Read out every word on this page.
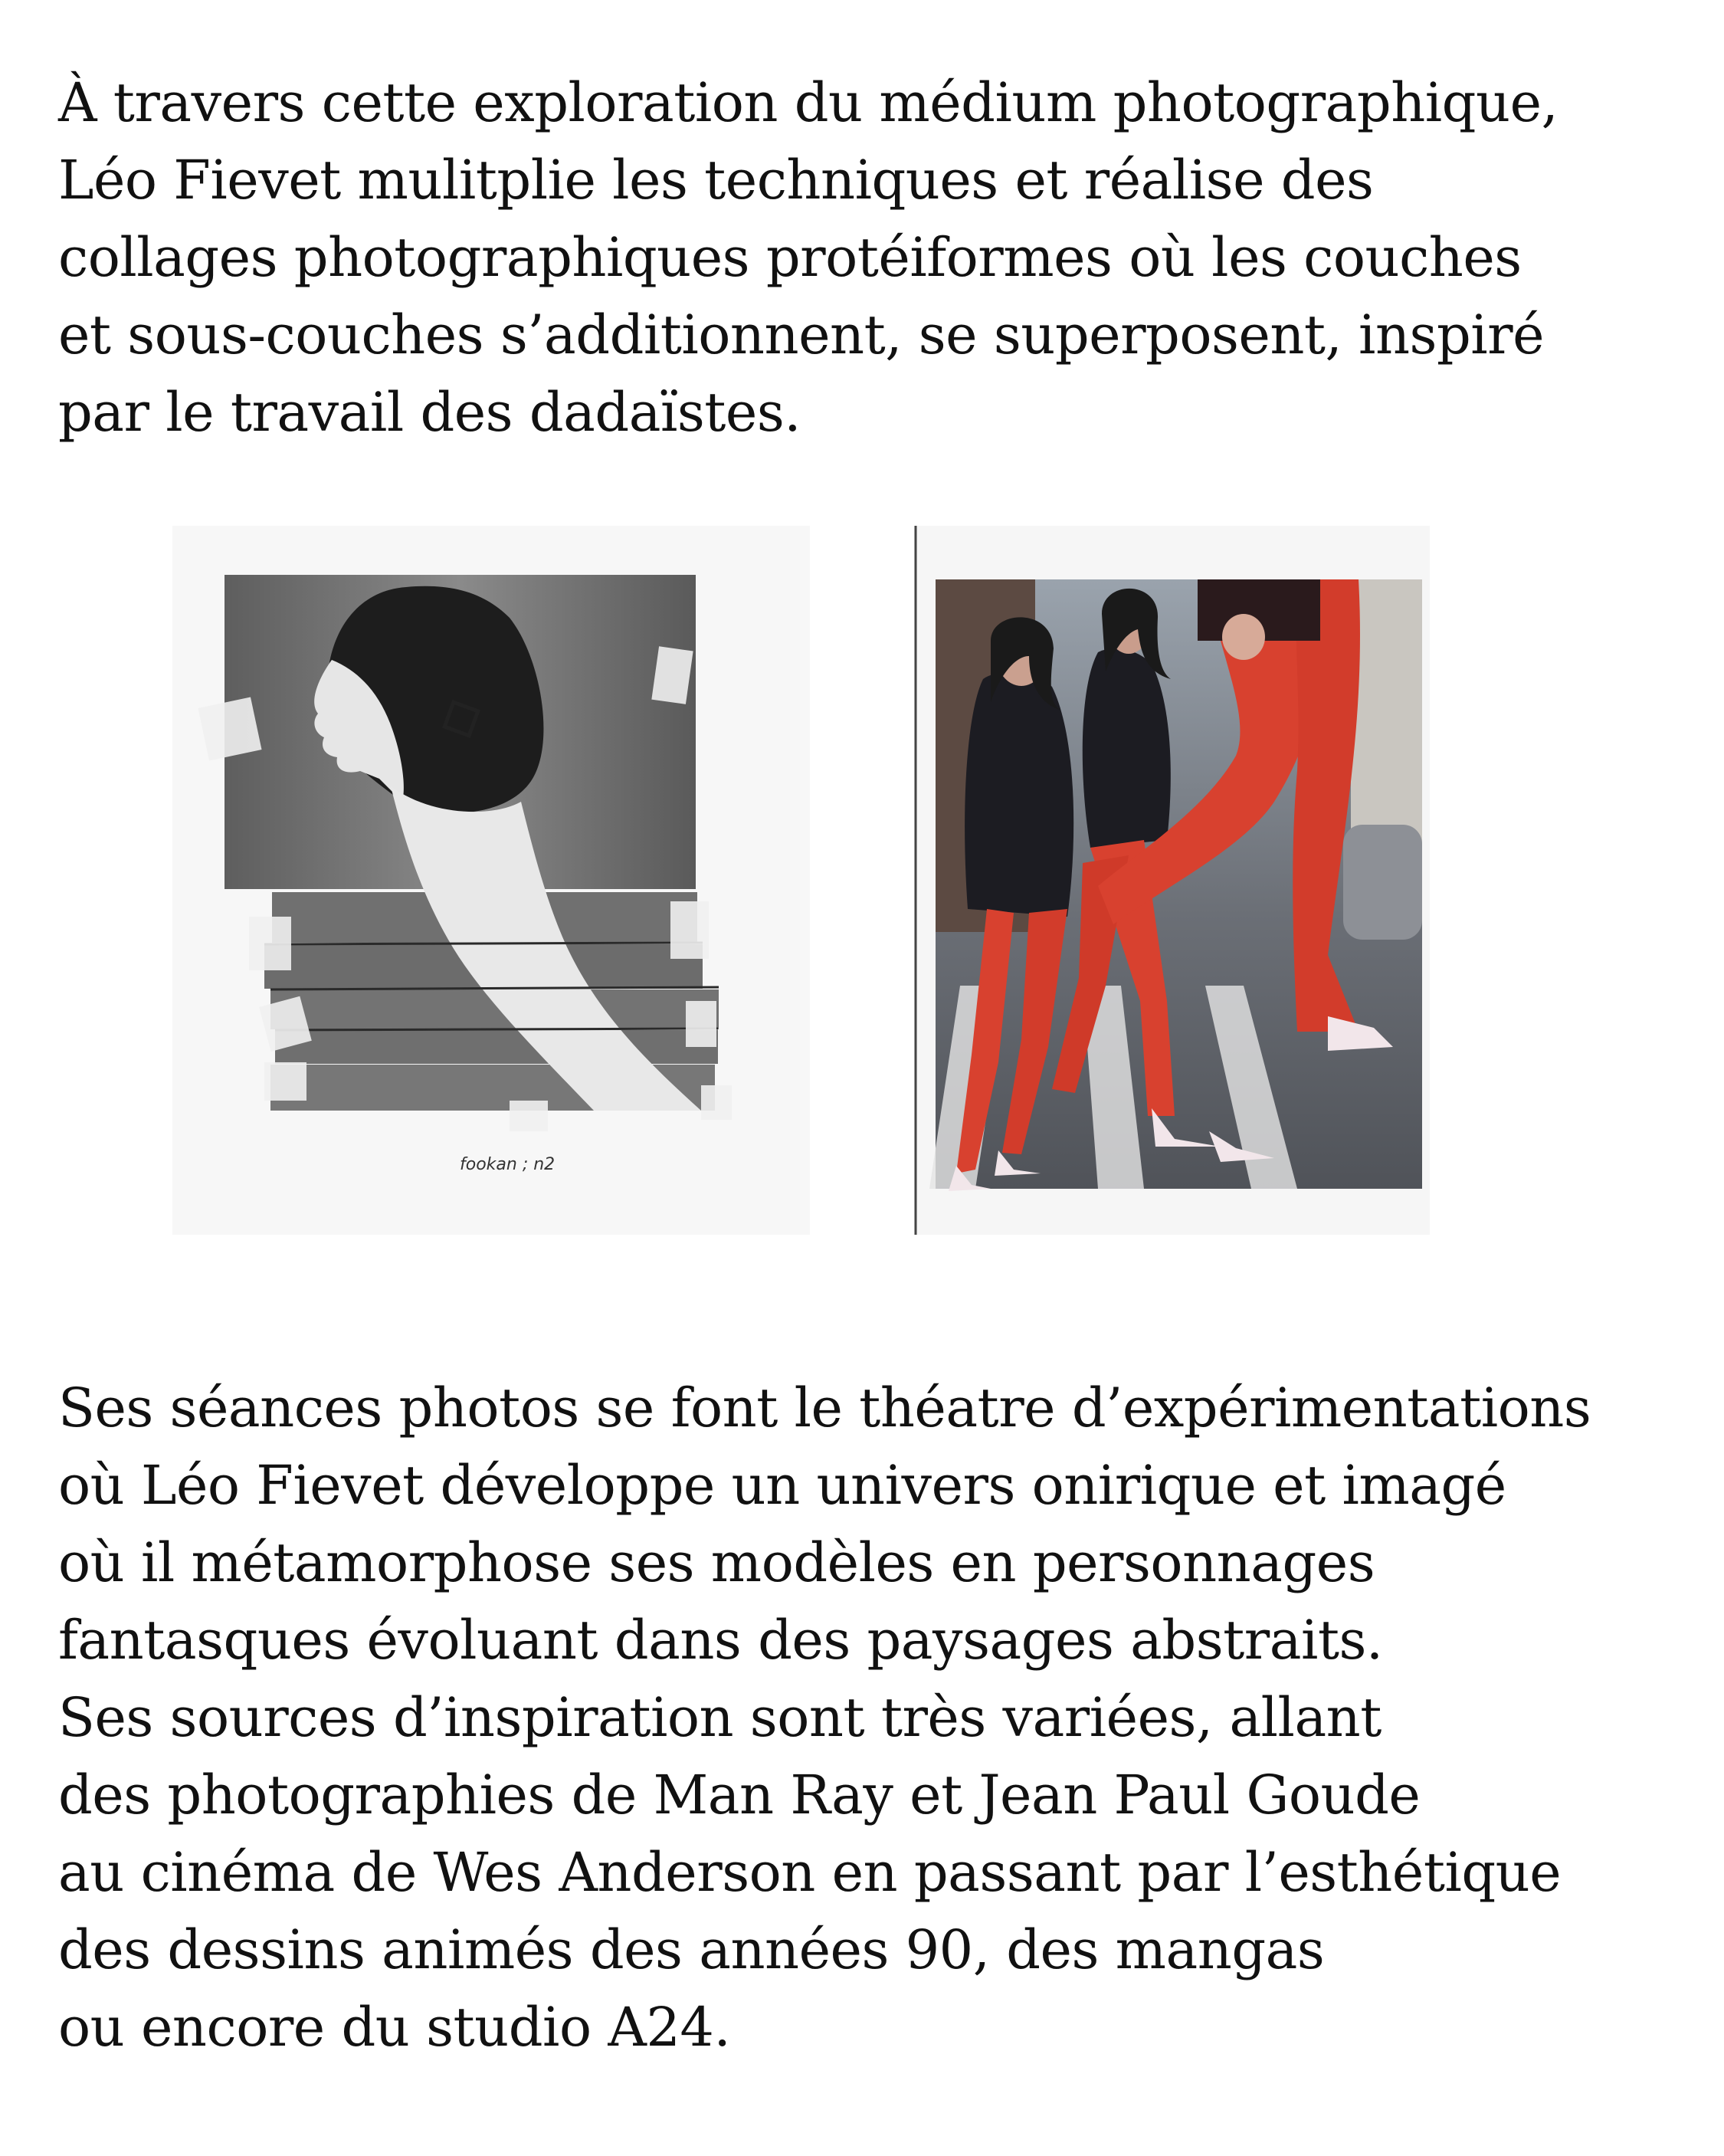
À travers cette exploration du médium photographique,
Léo Fievet mulitplie les techniques et réalise des
collages photographiques protéiformes où les couches
et sous-couches s’additionnent, se superposent, inspiré
par le travail des dadaïstes.
fookan ; n2
Ses séances photos se font le théatre d’expérimentations
où Léo Fievet développe un univers onirique et imagé
où il métamorphose ses modèles en personnages
fantasques évoluant dans des paysages abstraits.
Ses sources d’inspiration sont très variées, allant
des photographies de Man Ray et Jean Paul Goude
au cinéma de Wes Anderson en passant par l’esthétique
des dessins animés des années 90, des mangas
ou encore du studio A24.
